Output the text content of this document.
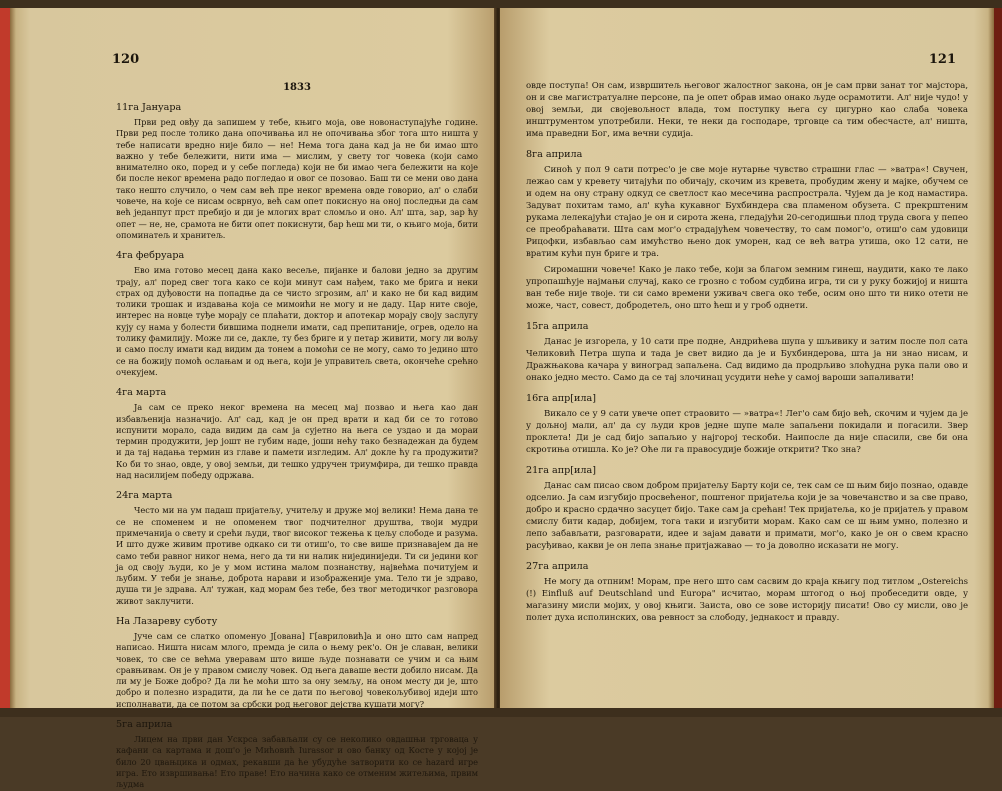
1833
11га Јануара

Први ред овђу да запишем у тебе, књиго моја, ове новонаступајуће године. Први ред после толико дана опочивања ил не опочивања због тога што ништа у тебе написати вредно није било — не! Нема тога дана кад ја не би имао што важно у тебе бележити, нити има — мислим, у свету тог човека (који само внимателно око, поред и у себе погледа) који не би имао чега бележити на које би после неког времена радо погледао и овог се позовао. Баш ти се мени ово дана тако нешто случило, о чем сам већ пре неког времена овде говорио, ал' о слаби човече, на које се нисам осврнуо, већ сам опет покиснуо на оној последњи да сам већ једанпут прст пребијо и ди је млогих врат сломљо и оно. Ал' шта, зар, зар ћу опет — не, не, срамота не бити опет покиснути, бар ћеш ми ти, о књиго моја, бити опоминатељ и хранитељ.

4га фебруара

Ево има готово месец дана како весеље, пијанке и балови једно за другим трају, ал' поред свег тога како се који минут сам нађем, тако ме брига и неки страх од дуђовости на попадње да се чисто згрозим, ал' и како не би кад видим толики трошак и издавања која се мимоићи не могу и не даду. Цар ните своје, интерес на новце туђе морају се плаћати, доктор и апотекар морају своју заслугу кују су нама у болести бившима поднели имати, сад препитаније, огрев, одело на толику фамилију. Може ли се, дакле, ту без бриге и у петар живити, могу ли вољу и само послу имати кад видим да тонем а помоћи се не могу, само то једино што се на божију помоћ ослањам и од њега, који је управитељ света, окончеће срећно очекујем.

4га марта

Ја сам се преко неког времена на месец мај позвао и њега као дан избављенија назначијо. Ал' сад, кад је он пред врати и кад би се то готово испунити морало, сада видим да сам ја сујетно на њега се уздао и да мораи термин продужити, јер јошт не губим наде, јоши нећу тако безнадежан да будем и да тај надања термин из главе и памети изгледим. Ал' докле ћу га продужити? Ко би то знао, овде, у овој земљи, ди тешко удручен триумфира, ди тешко правда над насилијем победу одржава.

24га марта

Често ми на ум падаш пријатељу, учитељу и друже мој велики! Нема дана те се не споменем и не опоменем твог подчителног друштва, твоји мудри примечанија о свету и срећи људи, твог високог тежења к цељу слободе и разума. И што дуже живим противе одкако си ти отиш'о, то све више признавајем да не само теби равног никог нема, него да ти ни налик нијединиједи. Ти си једини ког ја од своју људи, ко је у мом истина малом познанству, највећма почитујем и љубим. У теби је знање, доброта нарави и изображеније ума. Тело ти је здраво, душа ти је здрава. Ал' тужан, кад морам без тебе, без твог методичког разговора живот заклучити.

На Лазареву суботу

Јуче сам се слатко опоменуо Ј[ована] Г[авриловић]а и оно што сам напред написао. Ништа нисам млого, премда је сила о њему рек'о. Он је славан, велики човек, то све се већма уверавам што више људе познавати се учим и са њим сравњивам. Он је у правом смислу човек. Од њега даваше вести добило нисам. Да ли му је Боже добро? Да ли ће моћи што за ону земљу, на оном месту ди је, што добро и полезно израдити, да ли ће се дати по његовој човекољубивој идеји што исполнавати, да се потом за србски род његовог дејства кушати могу?

5га априла

Лицем на први дан Ускрса забављали су се неколико овдашњи трговаца у кафани са картама и дош'о је Мићовић Iurassor и ово банку од Косте у којој је било 20 цвањцика и одмах, рекавши да ће убудуће затворити ко се hazard игре игра. Ето извршивања! Ето праве! Ето начина како се отменим житељима, првим људма

овде поступа! Он сам, извршитељ његовог жалостног закона, он је сам први занат тог мајстора, он и све магистратуалне персоне, па је опет обрав имао онако људе осрамотити. Ал' није чудо! у овој земљи, ди својевољност влада, том поступку њега су цигурно као слаба човека инштрументом употребили. Неки, те неки да господаре, трговце са тим обесчасте, ал' ништа, има праведни Бог, има вечни судија.

8га априла

Синоћ у пол 9 сати потрес'о је све моје нутарње чувство страшни глас — »ватра«! Свучен, лежао сам у кревету читајући по обичају, скочим из кревета, пробудим жену и мајке, обучем се и одем на ону страну одкуд се светлост као месечина распрострала. Чујем да је код намастира. Задуват похитам тамо, ал' кућа кукавног Бухбиндера сва пламеном обузета. С прекрштеним рукама лелекајући стајао је он и сирота жена, гледајући 20-сегодишњи плод труда свога у пепео се преобраћавати. Шта сам мог'о страдајућем човечеству, то сам помог'о, отиш'о сам удовици Рицофки, избављао сам имућство њено док уморен, кад се већ ватра утиша, око 12 сати, не вратим кући пун бриге и тра.

Сиромашни човече! Како је лако тебе, који за благом земним гинеш, наудити, како те лако упропашћује најмањи случај, како се грозно с тобом судбина игра, ти си у руку божијој и ништа ван тебе није твоје. ти си само времени уживач свега око тебе, осим оно што ти нико отети не може, част, совест, добродетељ, оно што ћеш и у гроб однети.

15га априла

Данас је изгорела, у 10 сати пре подне, Андрићева шупа у шљивику и затим после пол сата Челиковић Петра шупа и тада је свет видио да је и Бухбиндерова, шта ја ни знао нисам, и Дражњакова качара у виноград запаљена. Сад видимо да продрљиво злоћудна рука пали ово и онако једно место. Само да се тај злочинац усудити неће у самој вароши запаливати!

16га апр[ила]

Викало се у 9 сати увече опет страовито — »ватра«! Лег'о сам бијо већ, скочим и чујем да је у дољној мали, ал' да су људи кров једне шупе мале запаљени покидали и погасили. Звер проклета! Ди је сад бијо запаљио у најгорој тескоби. Наипосле да није спасили, све би она скротиња отишла. Ко је? Оће ли га правосудије божије открити? Тко зна?

21га апр[ила]

Данас сам писао свом добром пријатељу Барту који се, тек сам се ш њим бијо познао, одавде одселио. Ја сам изгубијо просвећеног, поштеног пријатеља који је за човечанство и за све право, добро и красно срдачно засуцет бијо. Таке сам ја срећан! Тек пријатеља, ко је пријатељ у правом смислу бити кадар, добијем, тога таки и изгубити морам. Како сам се ш њим умно, полезно и лепо забављати, разговарати, идее и зајам давати и примати, мог'о, како је он о свем красно расуђивао, какви је он лепа знање притјажавао — то ја доволно исказати не могу.

27га априла

Не могу да отпним! Морам, пре него што сам сасвим до краја књигу под титлом „Ostereichs (!) Einfluß auf Deutschland und Europa" исчитао, морам штогод о њој пробеседити овде, у магазину мисли мојих, у овој књиги. Заиста, ово се зове историју писати! Ово су мисли, ово је полет духа исполинских, ова ревност за слободу, једнакост и правду.

120	121
